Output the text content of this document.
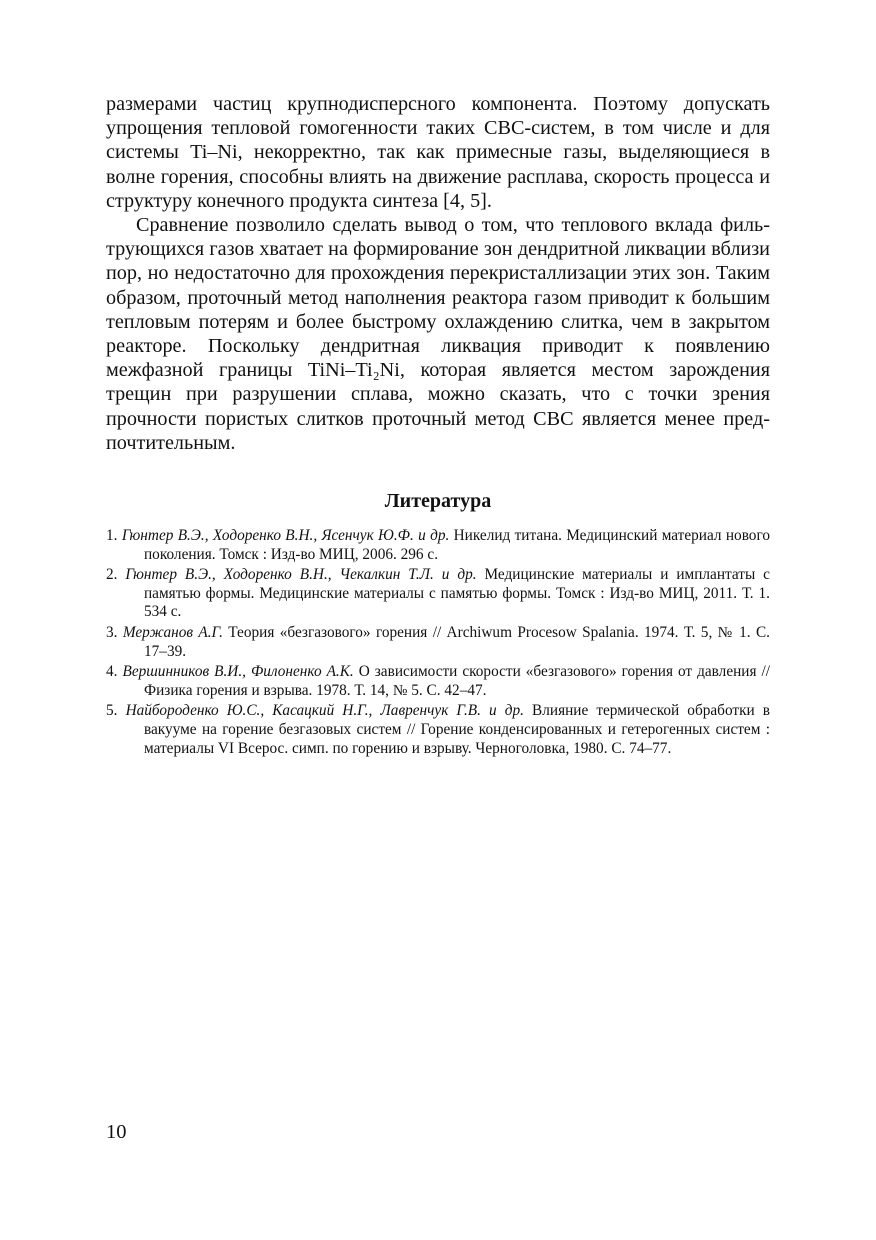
размерами частиц крупнодисперсного компонента. Поэтому допускать упрощения тепловой гомогенности таких СВС-систем, в том числе и для системы Ti–Ni, некорректно, так как примесные газы, выделяющиеся в волне горения, способны влиять на движение расплава, скорость процесса и структуру конечного продукта синтеза [4, 5].

Сравнение позволило сделать вывод о том, что теплового вклада фильтрующихся газов хватает на формирование зон дендритной ликвации вблизи пор, но недостаточно для прохождения перекристаллизации этих зон. Таким образом, проточный метод наполнения реактора газом приводит к большим тепловым потерям и более быстрому охлаждению слитка, чем в закрытом реакторе. Поскольку дендритная ликвация приводит к появлению межфазной границы TiNi–Ti₂Ni, которая является местом зарождения трещин при разрушении сплава, можно сказать, что с точки зрения прочности пористых слитков проточный метод СВС является менее предпочтительным.

Литература
1. Гюнтер В.Э., Ходоренко В.Н., Ясенчук Ю.Ф. и др. Никелид титана. Медицинский материал нового поколения. Томск : Изд-во МИЦ, 2006. 296 с.
2. Гюнтер В.Э., Ходоренко В.Н., Чекалкин Т.Л. и др. Медицинские материалы и имплантаты с памятью формы. Медицинские материалы с памятью формы. Томск : Изд-во МИЦ, 2011. Т. 1. 534 с.
3. Мержанов А.Г. Теория «безгазового» горения // Archiwum Procesow Spalania. 1974. Т. 5, № 1. С. 17–39.
4. Вершинников В.И., Филоненко А.К. О зависимости скорости «безгазового» горения от давления // Физика горения и взрыва. 1978. Т. 14, № 5. С. 42–47.
5. Найбороденко Ю.С., Касацкий Н.Г., Лавренчук Г.В. и др. Влияние термической обработки в вакууме на горение безгазовых систем // Горение конденсированных и гетерогенных систем : материалы VI Всерос. симп. по горению и взрыву. Черноголовка, 1980. С. 74–77.
10
